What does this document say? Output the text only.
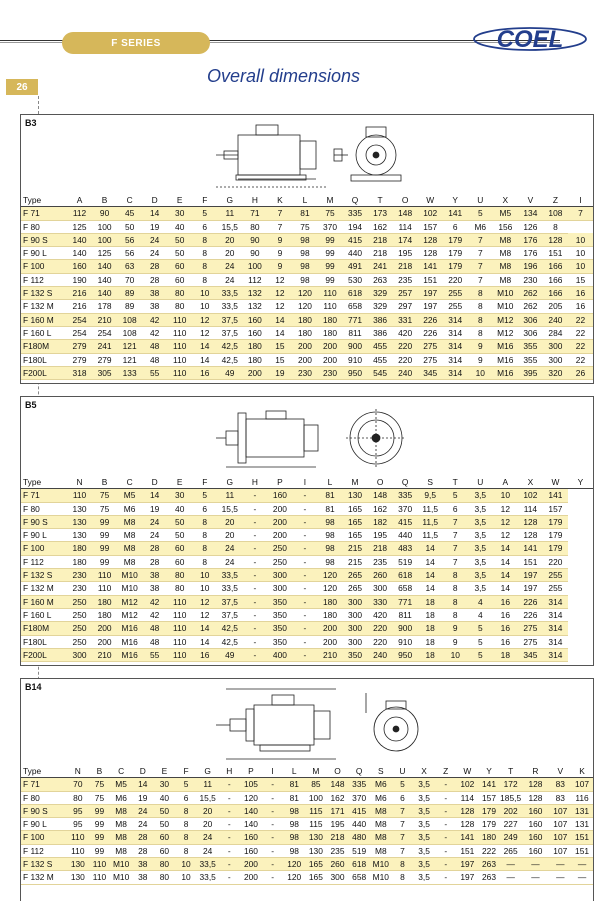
F SERIES	COEL
26
Overall dimensions
B3
Type	A	B	C	D	E	F	G	H	K	L	M	Q	T	O	W	Y	U	X	V	Z	I
F 71	112	90	45	14	30	5	11	71	7	81	75	335	173	148	102	141	5	M5	134	108	7
F 80	125	100	50	19	40	6	15,5	80	7	75	370	194	162	114	157	6	M6	156	126	8	
F 90 S	140	100	56	24	50	8	20	90	9	98	99	415	218	174	128	179	7	M8	176	128	10
F 90 L	140	125	56	24	50	8	20	90	9	98	99	440	218	195	128	179	7	M8	176	151	10
F 100	160	140	63	28	60	8	24	100	9	98	99	491	241	218	141	179	7	M8	196	166	10
F 112	190	140	70	28	60	8	24	112	12	98	99	530	263	235	151	220	7	M8	230	166	15
F 132 S	216	140	89	38	80	10	33,5	132	12	120	110	618	329	257	197	255	8	M10	262	166	16
F 132 M	216	178	89	38	80	10	33,5	132	12	120	110	658	329	297	197	255	8	M10	262	205	16
F 160 M	254	210	108	42	110	12	37,5	160	14	180	180	771	386	331	226	314	8	M12	306	240	22
F 160 L	254	254	108	42	110	12	37,5	160	14	180	180	811	386	420	226	314	8	M12	306	284	22
F180M	279	241	121	48	110	14	42,5	180	15	200	200	900	455	220	275	314	9	M16	355	300	22
F180L	279	279	121	48	110	14	42,5	180	15	200	200	910	455	220	275	314	9	M16	355	300	22
F200L	318	305	133	55	110	16	49	200	19	230	230	950	545	240	345	314	10	M16	395	320	26
B5
Type	N	B	C	D	E	F	G	H	P	I	L	M	O	Q	S	T	U	A	X	W	Y
F 71	110	75	M5	14	30	5	11	-	160	-	81	130	148	335	9,5	5	3,5	10	102	141	
F 80	130	75	M6	19	40	6	15,5	-	200	-	81	165	162	370	11,5	6	3,5	12	114	157	
F 90 S	130	99	M8	24	50	8	20	-	200	-	98	165	182	415	11,5	7	3,5	12	128	179	
F 90 L	130	99	M8	24	50	8	20	-	200	-	98	165	195	440	11,5	7	3,5	12	128	179	
F 100	180	99	M8	28	60	8	24	-	250	-	98	215	218	483	14	7	3,5	14	141	179	
F 112	180	99	M8	28	60	8	24	-	250	-	98	215	235	519	14	7	3,5	14	151	220	
F 132 S	230	110	M10	38	80	10	33,5	-	300	-	120	265	260	618	14	8	3,5	14	197	255	
F 132 M	230	110	M10	38	80	10	33,5	-	300	-	120	265	300	658	14	8	3,5	14	197	255	
F 160 M	250	180	M12	42	110	12	37,5	-	350	-	180	300	330	771	18	8	4	16	226	314	
F 160 L	250	180	M12	42	110	12	37,5	-	350	-	180	300	420	811	18	8	4	16	226	314	
F180M	250	200	M16	48	110	14	42,5	-	350	-	200	300	220	900	18	9	5	16	275	314	
F180L	250	200	M16	48	110	14	42,5	-	350	-	200	300	220	910	18	9	5	16	275	314	
F200L	300	210	M16	55	110	16	49	-	400	-	210	350	240	950	18	10	5	18	345	314	
B14
Type	N	B	C	D	E	F	G	H	P	I	L	M	O	Q	S	U	X	Z	W	Y	T	R	V	K
F 71	70	75	M5	14	30	5	11	-	105	-	81	85	148	335	M6	5	3,5	-	102	141	172	128	83	107
F 80	80	75	M6	19	40	6	15,5	-	120	-	81	100	162	370	M6	6	3,5	-	114	157	185,5	128	83	116
F 90 S	95	99	M8	24	50	8	20	-	140	-	98	115	171	415	M8	7	3,5	-	128	179	202	160	107	131
F 90 L	95	99	M8	24	50	8	20	-	140	-	98	115	195	440	M8	7	3,5	-	128	179	227	160	107	131
F 100	110	99	M8	28	60	8	24	-	160	-	98	130	218	480	M8	7	3,5	-	141	180	249	160	107	151
F 112	110	99	M8	28	60	8	24	-	160	-	98	130	235	519	M8	7	3,5	-	151	222	265	160	107	151
F 132 S	130	110	M10	38	80	10	33,5	-	200	-	120	165	260	618	M10	8	3,5	-	197	263	—	—	—	—
F 132 M	130	110	M10	38	80	10	33,5	-	200	-	120	165	300	658	M10	8	3,5	-	197	263	—	—	—	—
